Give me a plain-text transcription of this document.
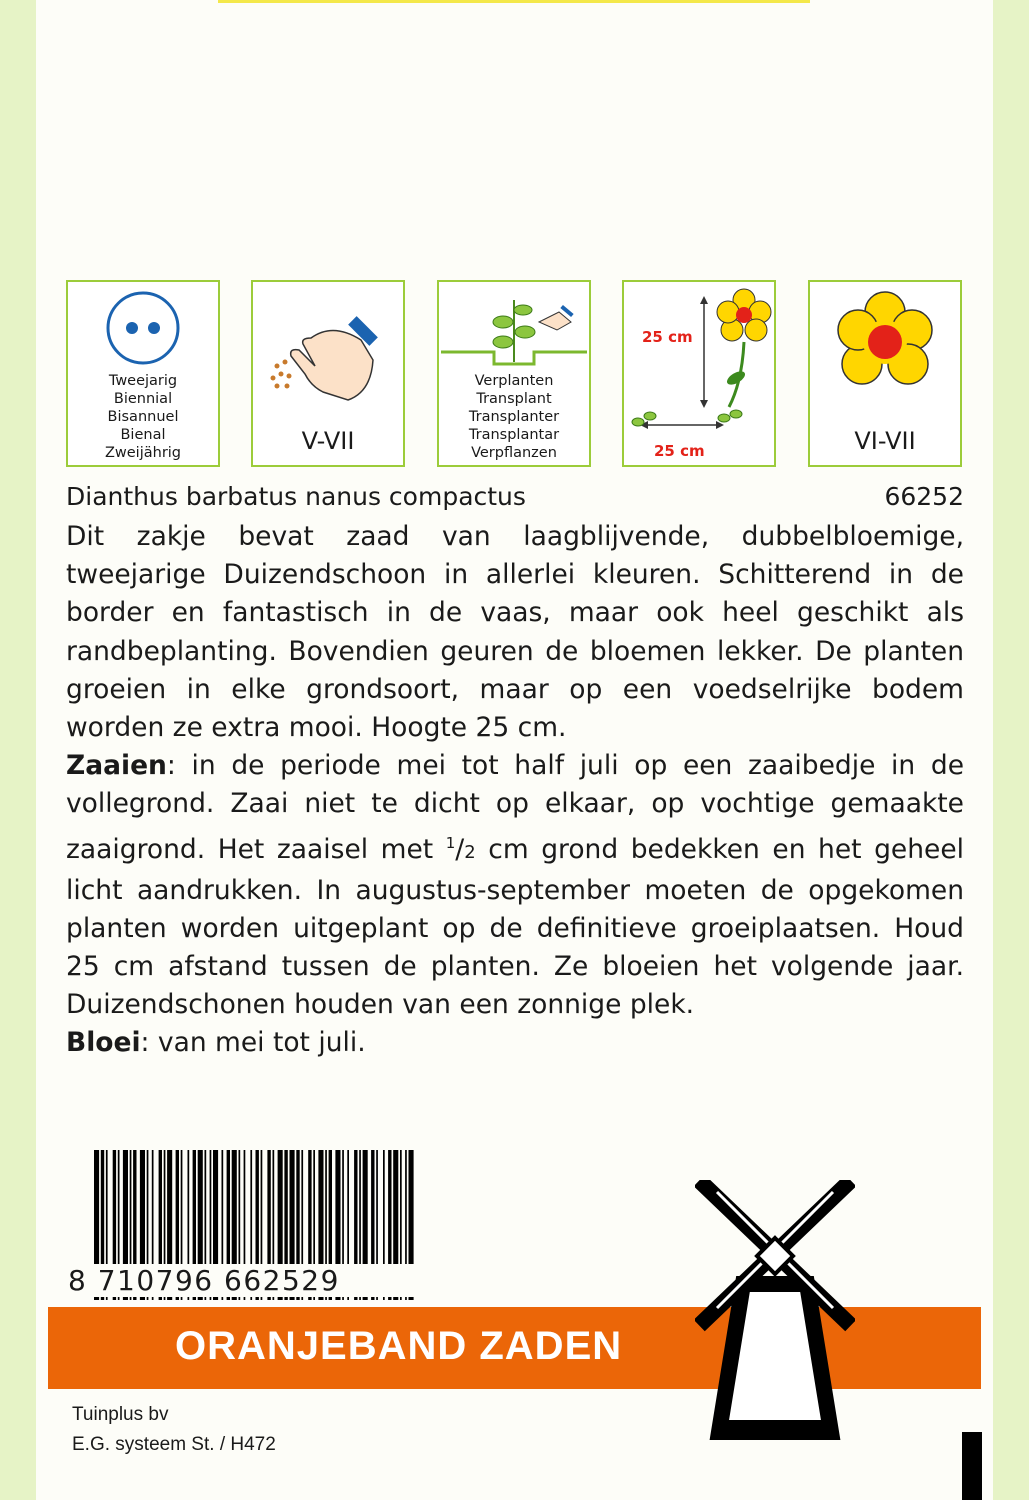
Tweejarig
Biennial
Bisannuel
Bienal
Zweijährig	V-VII
Verplanten
Transplant
Transplanter
Transplantar
Verpflanzen
25 cm
25 cm	VI-VII
Dianthus barbatus nanus compactus	66252

Dit zakje bevat zaad van laagblijvende, dubbelbloemige, tweejarige Duizendschoon in allerlei kleuren. Schitterend in de border en fantastisch in de vaas, maar ook heel geschikt als randbeplanting. Bovendien geuren de bloemen lekker. De planten groeien in elke grondsoort, maar op een voedselrijke bodem worden ze extra mooi. Hoogte 25 cm.

Zaaien: in de periode mei tot half juli op een zaaibedje in de vollegrond. Zaai niet te dicht op elkaar, op vochtige gemaakte zaaigrond. Het zaaisel met $^1$/2 cm grond bedekken en het geheel licht aandrukken. In augustus-september moeten de opgekomen planten worden uitgeplant op de definitieve groeiplaatsen. Houd 25 cm afstand tussen de planten. Ze bloeien het volgende jaar. Duizendschonen houden van een zonnige plek.

Bloei: van mei tot juli.

8 710796 662529
ORANJEBAND ZADEN
Tuinplus bv
E.G. systeem St. / H472
